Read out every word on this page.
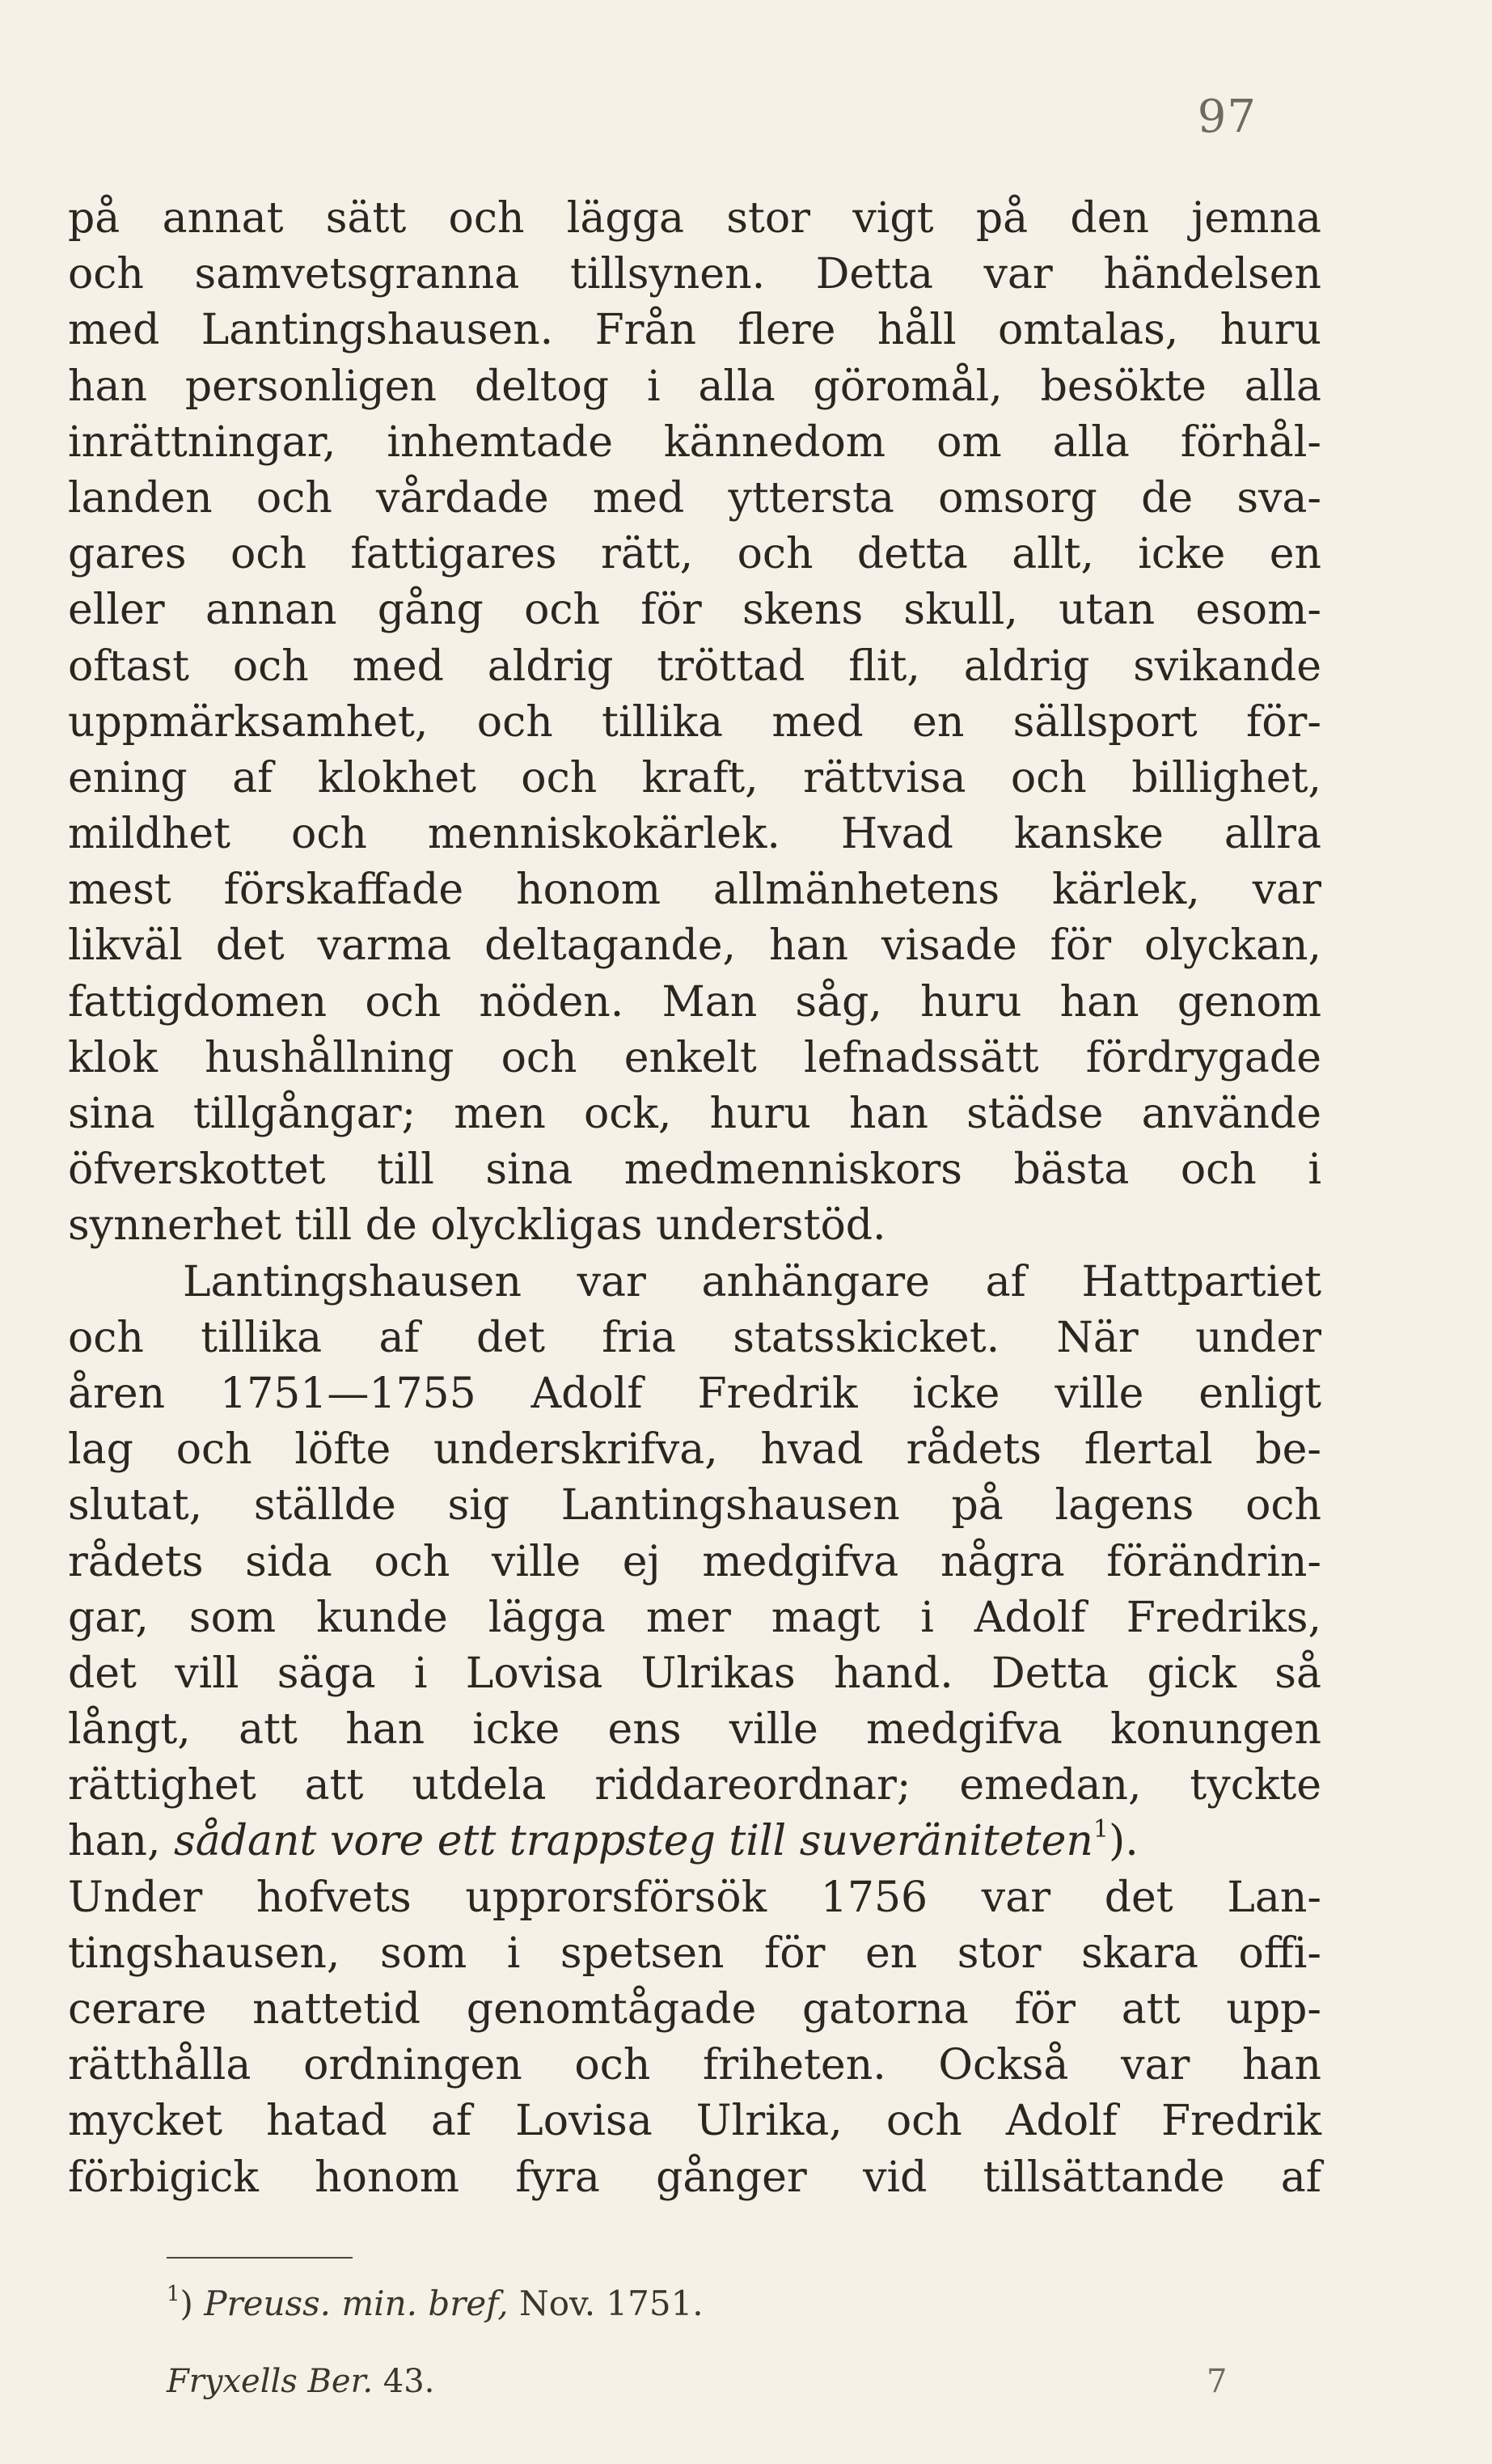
97
på annat sätt och lägga stor vigt på den jemna
och samvetsgranna tillsynen. Detta var händelsen
med Lantingshausen. Från flere håll omtalas, huru
han personligen deltog i alla göromål, besökte alla
inrättningar, inhemtade kännedom om alla förhål-
landen och vårdade med yttersta omsorg de sva-
gares och fattigares rätt, och detta allt, icke en
eller annan gång och för skens skull, utan esom-
oftast och med aldrig tröttad flit, aldrig svikande
uppmärksamhet, och tillika med en sällsport för-
ening af klokhet och kraft, rättvisa och billighet,
mildhet och menniskokärlek. Hvad kanske allra
mest förskaffade honom allmänhetens kärlek, var
likväl det varma deltagande, han visade för olyckan,
fattigdomen och nöden. Man såg, huru han genom
klok hushållning och enkelt lefnadssätt fördrygade
sina tillgångar; men ock, huru han städse använde
öfverskottet till sina medmenniskors bästa och i
synnerhet till de olyckligas understöd.
Lantingshausen var anhängare af Hattpartiet
och tillika af det fria statsskicket. När under
åren 1751—1755 Adolf Fredrik icke ville enligt
lag och löfte underskrifva, hvad rådets flertal be-
slutat, ställde sig Lantingshausen på lagens och
rådets sida och ville ej medgifva några förändrin-
gar, som kunde lägga mer magt i Adolf Fredriks,
det vill säga i Lovisa Ulrikas hand. Detta gick så
långt, att han icke ens ville medgifva konungen
rättighet att utdela riddareordnar; emedan, tyckte
han, sådant vore ett trappsteg till suveräniteten$^1$).
Under hofvets upprorsförsök 1756 var det Lan-
tingshausen, som i spetsen för en stor skara offi-
cerare nattetid genomtågade gatorna för att upp-
rätthålla ordningen och friheten. Också var han
mycket hatad af Lovisa Ulrika, och Adolf Fredrik
förbigick honom fyra gånger vid tillsättande af
$^1$) Preuss. min. bref, Nov. 1751.
Fryxells Ber. 43.	7
